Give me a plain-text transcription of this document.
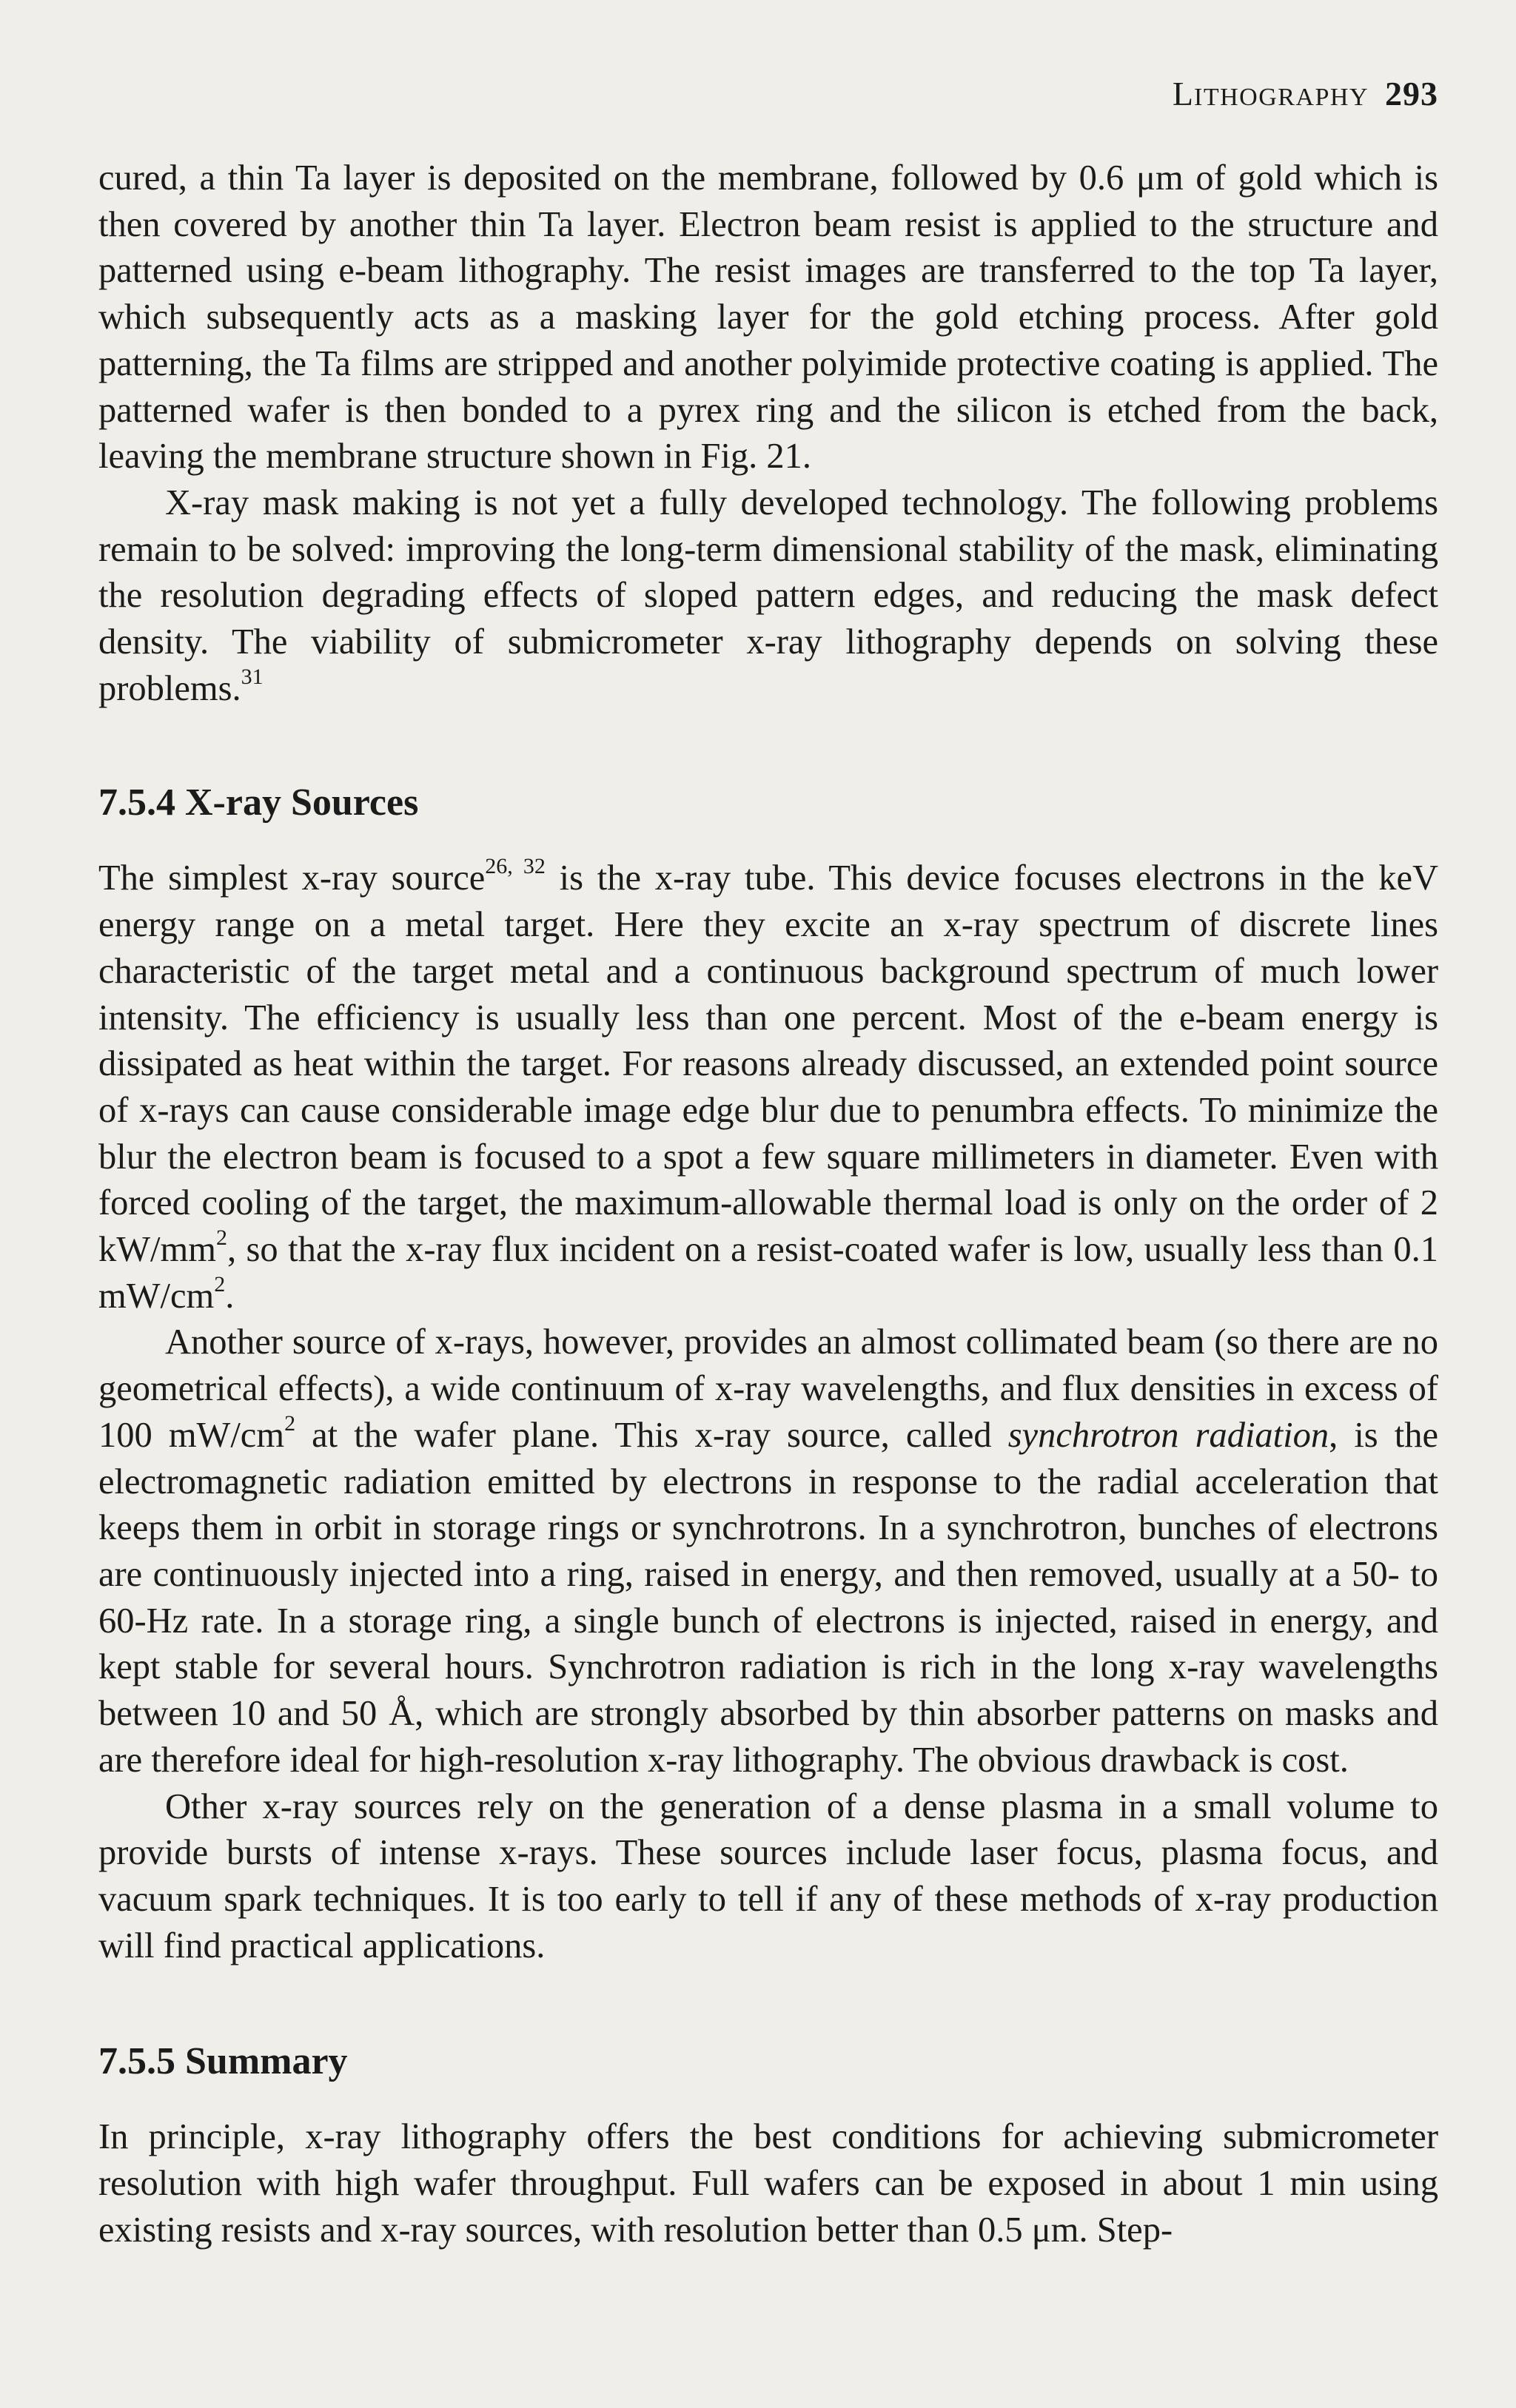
LITHOGRAPHY 293

cured, a thin Ta layer is deposited on the membrane, followed by 0.6 μm of gold which is then covered by another thin Ta layer. Electron beam resist is applied to the structure and patterned using e-beam lithography. The resist images are transferred to the top Ta layer, which subsequently acts as a masking layer for the gold etching process. After gold patterning, the Ta films are stripped and another polyimide protective coating is applied. The patterned wafer is then bonded to a pyrex ring and the silicon is etched from the back, leaving the membrane structure shown in Fig. 21.

X-ray mask making is not yet a fully developed technology. The following problems remain to be solved: improving the long-term dimensional stability of the mask, eliminating the resolution degrading effects of sloped pattern edges, and reducing the mask defect density. The viability of submicrometer x-ray lithography depends on solving these problems.$^{31}$

7.5.4 X-ray Sources

The simplest x-ray source$^{26, 32}$ is the x-ray tube. This device focuses electrons in the keV energy range on a metal target. Here they excite an x-ray spectrum of discrete lines characteristic of the target metal and a continuous background spectrum of much lower intensity. The efficiency is usually less than one percent. Most of the e-beam energy is dissipated as heat within the target. For reasons already discussed, an extended point source of x-rays can cause considerable image edge blur due to penumbra effects. To minimize the blur the electron beam is focused to a spot a few square millimeters in diameter. Even with forced cooling of the target, the maximum-allowable thermal load is only on the order of 2 $kW/mm^2$, so that the x-ray flux incident on a resist-coated wafer is low, usually less than 0.1 $mW/cm^2$.

Another source of x-rays, however, provides an almost collimated beam (so there are no geometrical effects), a wide continuum of x-ray wavelengths, and flux densities in excess of 100 $mW/cm^2$ at the wafer plane. This x-ray source, called synchrotron radiation, is the electromagnetic radiation emitted by electrons in response to the radial acceleration that keeps them in orbit in storage rings or synchrotrons. In a synchrotron, bunches of electrons are continuously injected into a ring, raised in energy, and then removed, usually at a 50- to 60-Hz rate. In a storage ring, a single bunch of electrons is injected, raised in energy, and kept stable for several hours. Synchrotron radiation is rich in the long x-ray wavelengths between 10 and 50 Å, which are strongly absorbed by thin absorber patterns on masks and are therefore ideal for high-resolution x-ray lithography. The obvious drawback is cost.

Other x-ray sources rely on the generation of a dense plasma in a small volume to provide bursts of intense x-rays. These sources include laser focus, plasma focus, and vacuum spark techniques. It is too early to tell if any of these methods of x-ray production will find practical applications.

7.5.5 Summary

In principle, x-ray lithography offers the best conditions for achieving submicrometer resolution with high wafer throughput. Full wafers can be exposed in about 1 min using existing resists and x-ray sources, with resolution better than 0.5 μm. Step-
